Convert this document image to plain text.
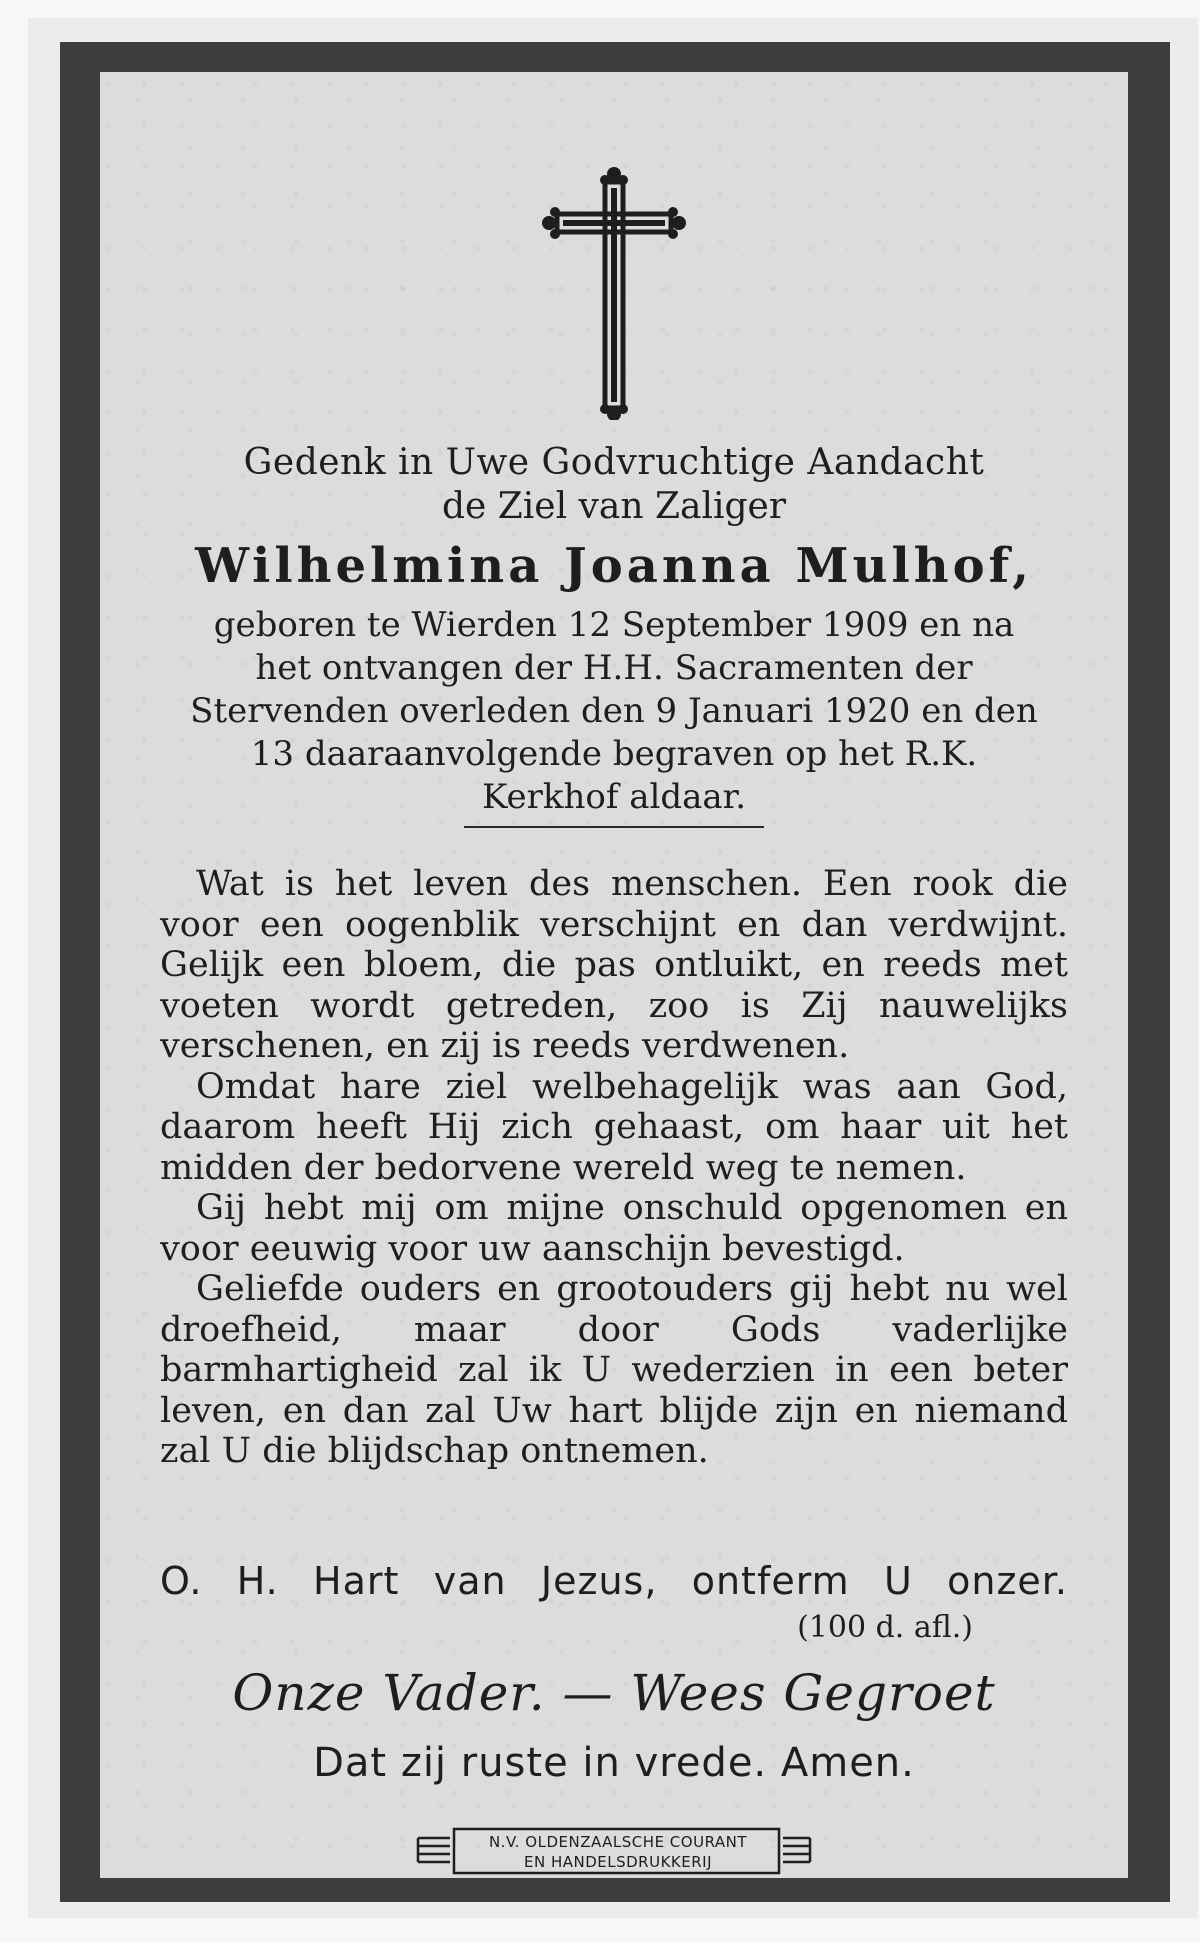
Gedenk in Uwe Godvruchtige Aandacht
de Ziel van Zaliger
Wilhelmina Joanna Mulhof,
geboren te Wierden 12 September 1909 en na het ontvangen der H.H. Sacramenten der Stervenden overleden den 9 Januari 1920 en den 13 daaraanvolgende begraven op het R.K. Kerkhof aldaar.

Wat is het leven des menschen. Een rook die voor een oogenblik verschijnt en dan verdwijnt. Gelijk een bloem, die pas ontluikt, en reeds met voeten wordt getreden, zoo is Zij nauwelijks verschenen, en zij is reeds verdwenen.

Omdat hare ziel welbehagelijk was aan God, daarom heeft Hij zich gehaast, om haar uit het midden der bedorvene wereld weg te nemen.

Gij hebt mij om mijne onschuld opgenomen en voor eeuwig voor uw aanschijn bevestigd.

Geliefde ouders en grootouders gij hebt nu wel droefheid, maar door Gods vaderlijke barmhartigheid zal ik U wederzien in een beter leven, en dan zal Uw hart blijde zijn en niemand zal U die blijdschap ontnemen.

O. H. Hart van Jezus, ontferm U onzer.
(100 d. afl.)
Onze Vader. — Wees Gegroet
Dat zij ruste in vrede. Amen.
N.V. OLDENZAALSCHE COURANT
EN HANDELSDRUKKERIJ
